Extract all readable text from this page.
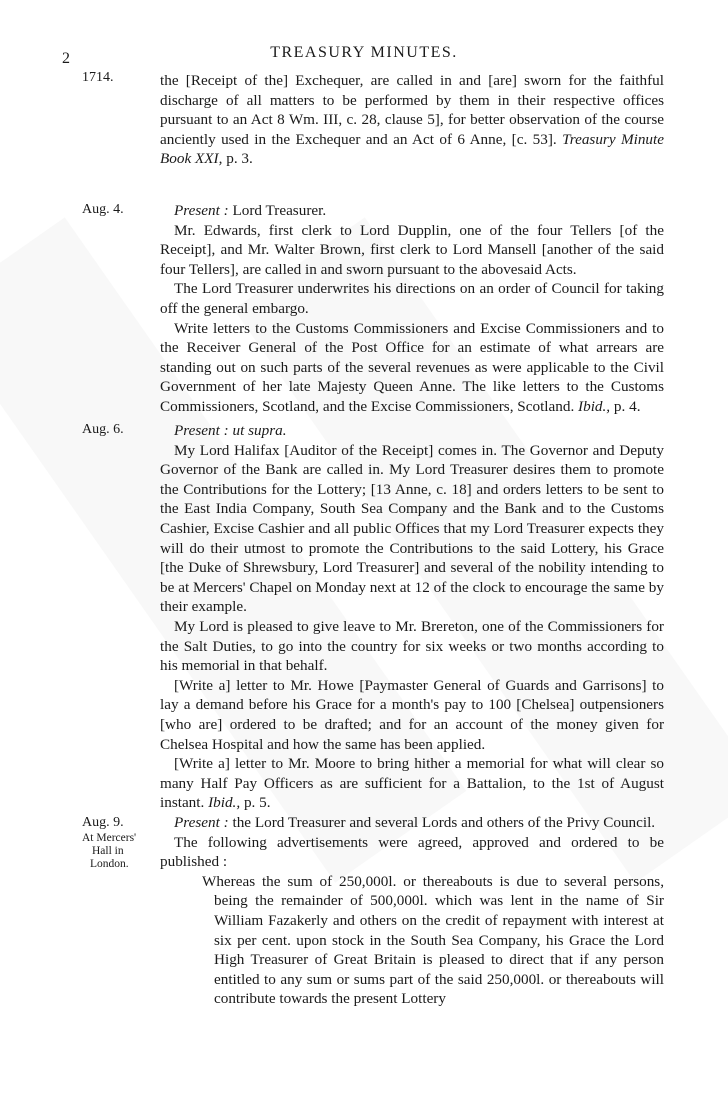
2	TREASURY MINUTES.
1714.
Aug. 4.
Aug. 6.
Aug. 9.
At Mercers'
Hall in
London.

the [Receipt of the] Exchequer, are called in and [are] sworn for the faithful discharge of all matters to be performed by them in their respective offices pursuant to an Act 8 Wm. III, c. 28, clause 5], for better observation of the course anciently used in the Exchequer and an Act of 6 Anne, [c. 53]. Treasury Minute Book XXI, p. 3.

Present : Lord Treasurer.

Mr. Edwards, first clerk to Lord Dupplin, one of the four Tellers [of the Receipt], and Mr. Walter Brown, first clerk to Lord Mansell [another of the said four Tellers], are called in and sworn pursuant to the abovesaid Acts.

The Lord Treasurer underwrites his directions on an order of Council for taking off the general embargo.

Write letters to the Customs Commissioners and Excise Commissioners and to the Receiver General of the Post Office for an estimate of what arrears are standing out on such parts of the several revenues as were applicable to the Civil Government of her late Majesty Queen Anne. The like letters to the Customs Commissioners, Scotland, and the Excise Commissioners, Scotland. Ibid., p. 4.

Present : ut supra.

My Lord Halifax [Auditor of the Receipt] comes in. The Governor and Deputy Governor of the Bank are called in. My Lord Treasurer desires them to promote the Contributions for the Lottery; [13 Anne, c. 18] and orders letters to be sent to the East India Company, South Sea Company and the Bank and to the Customs Cashier, Excise Cashier and all public Offices that my Lord Treasurer expects they will do their utmost to promote the Contributions to the said Lottery, his Grace [the Duke of Shrewsbury, Lord Treasurer] and several of the nobility intending to be at Mercers' Chapel on Monday next at 12 of the clock to encourage the same by their example.

My Lord is pleased to give leave to Mr. Brereton, one of the Commissioners for the Salt Duties, to go into the country for six weeks or two months according to his memorial in that behalf.

[Write a] letter to Mr. Howe [Paymaster General of Guards and Garrisons] to lay a demand before his Grace for a month's pay to 100 [Chelsea] outpensioners [who are] ordered to be drafted; and for an account of the money given for Chelsea Hospital and how the same has been applied.

[Write a] letter to Mr. Moore to bring hither a memorial for what will clear so many Half Pay Officers as are sufficient for a Battalion, to the 1st of August instant. Ibid., p. 5.

Present : the Lord Treasurer and several Lords and others of the Privy Council.

The following advertisements were agreed, approved and ordered to be published :

Whereas the sum of 250,000l. or thereabouts is due to several persons, being the remainder of 500,000l. which was lent in the name of Sir William Fazakerly and others on the credit of repayment with interest at six per cent. upon stock in the South Sea Company, his Grace the Lord High Treasurer of Great Britain is pleased to direct that if any person entitled to any sum or sums part of the said 250,000l. or thereabouts will contribute towards the present Lottery
